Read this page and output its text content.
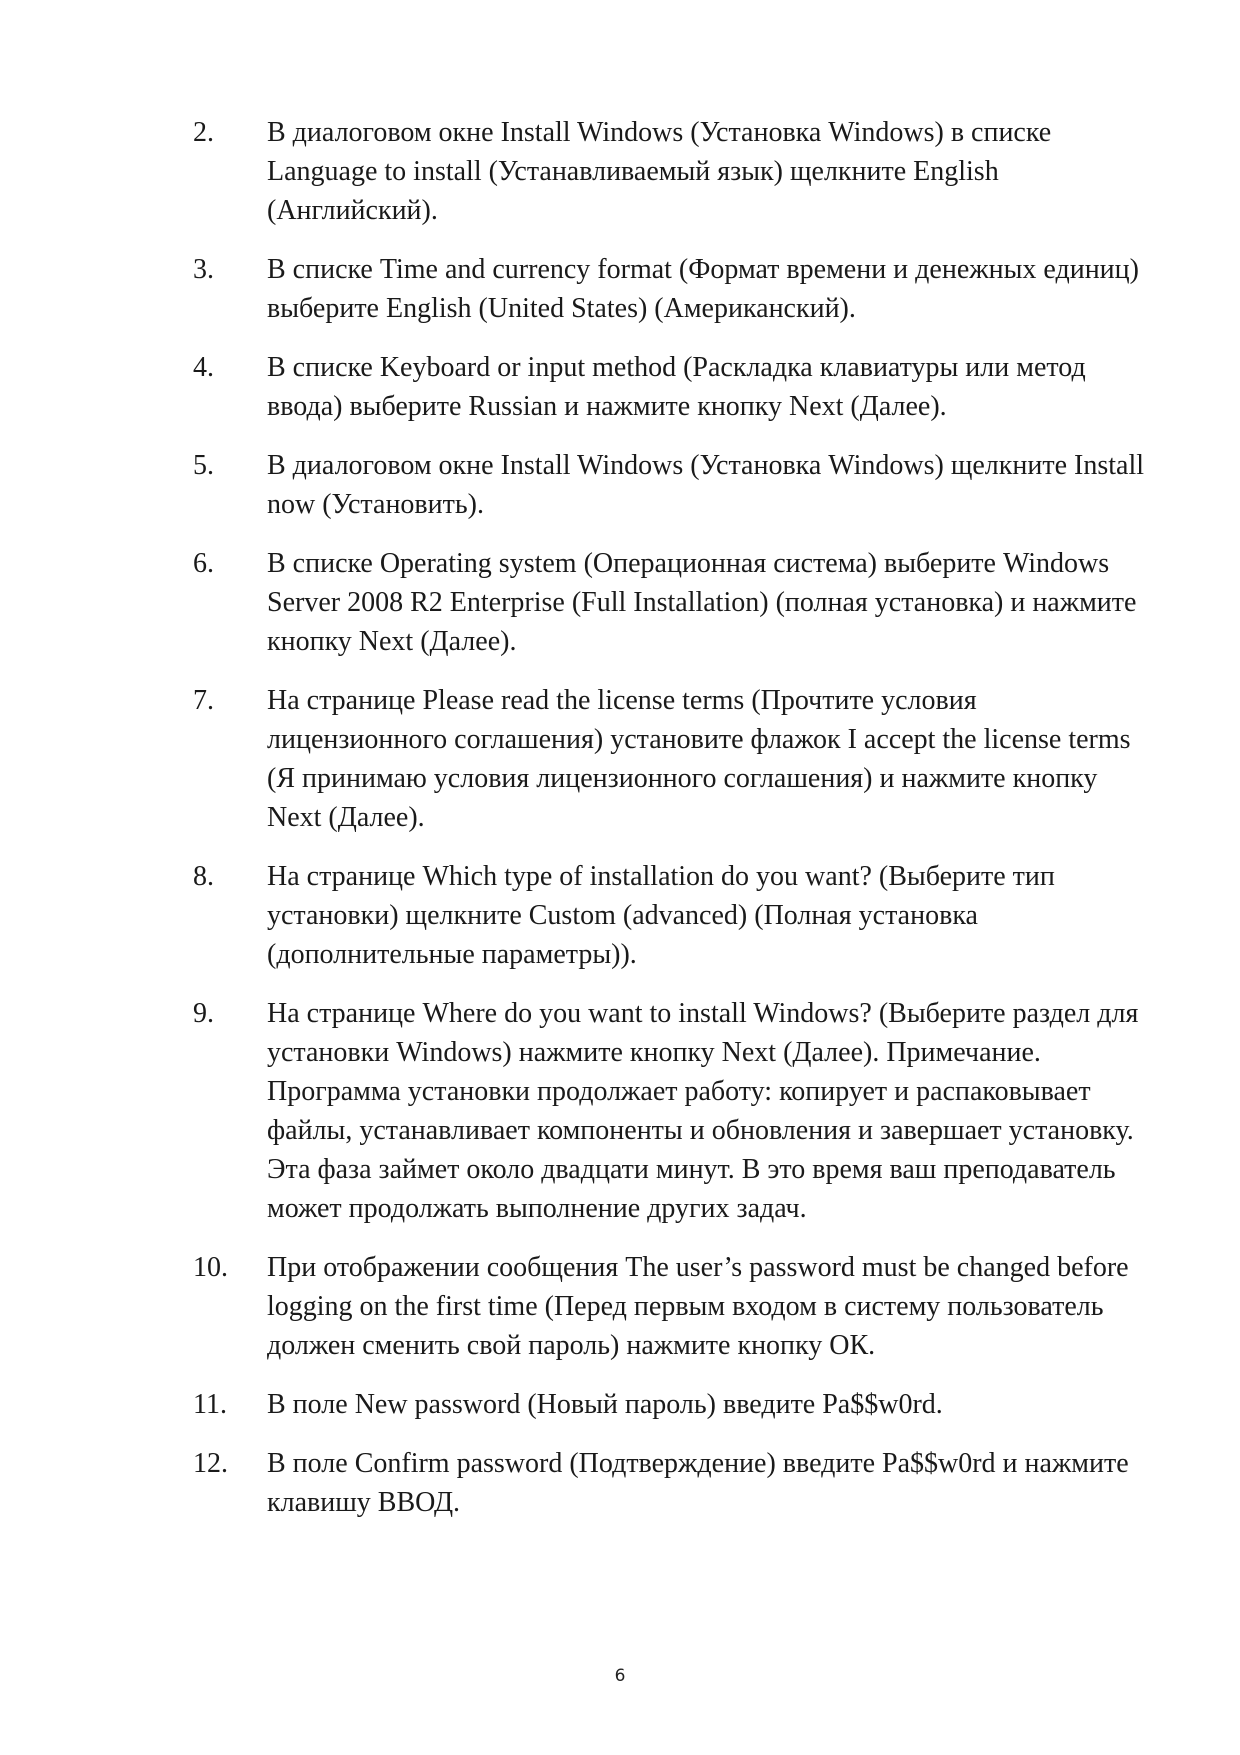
2.	В диалоговом окне Install Windows (Установка Windows) в списке Language to install (Устанавливаемый язык) щелкните English (Английский).
3.	В списке Time and currency format (Формат времени и денежных единиц) выберите English (United States) (Американский).
4.	В списке Keyboard or input method (Раскладка клавиатуры или метод ввода) выберите Russian и нажмите кнопку Next (Далее).
5.	В диалоговом окне Install Windows (Установка Windows) щелкните Install now (Установить).
6.	В списке Operating system (Операционная система) выберите Windows Server 2008 R2 Enterprise (Full Installation) (полная установка) и нажмите кнопку Next (Далее).
7.	На странице Please read the license terms (Прочтите условия лицензионного соглашения) установите флажок I accept the license terms (Я принимаю условия лицензионного соглашения) и нажмите кнопку Next (Далее).
8.	На странице Which type of installation do you want? (Выберите тип установки) щелкните Custom (advanced) (Полная установка (дополнительные параметры)).
9.	На странице Where do you want to install Windows? (Выберите раздел для установки Windows) нажмите кнопку Next (Далее). Примечание. Программа установки продолжает работу: копирует и распаковывает файлы, устанавливает компоненты и обновления и завершает установку. Эта фаза займет около двадцати минут. В это время ваш преподаватель может продолжать выполнение других задач.
10.	При отображении сообщения The user’s password must be changed before logging on the first time (Перед первым входом в систему пользователь должен сменить свой пароль) нажмите кнопку ОК.
11.	В поле New password (Новый пароль) введите Pa$$w0rd.
12.	В поле Confirm password (Подтверждение) введите Pa$$w0rd и нажмите клавишу ВВОД.
6
